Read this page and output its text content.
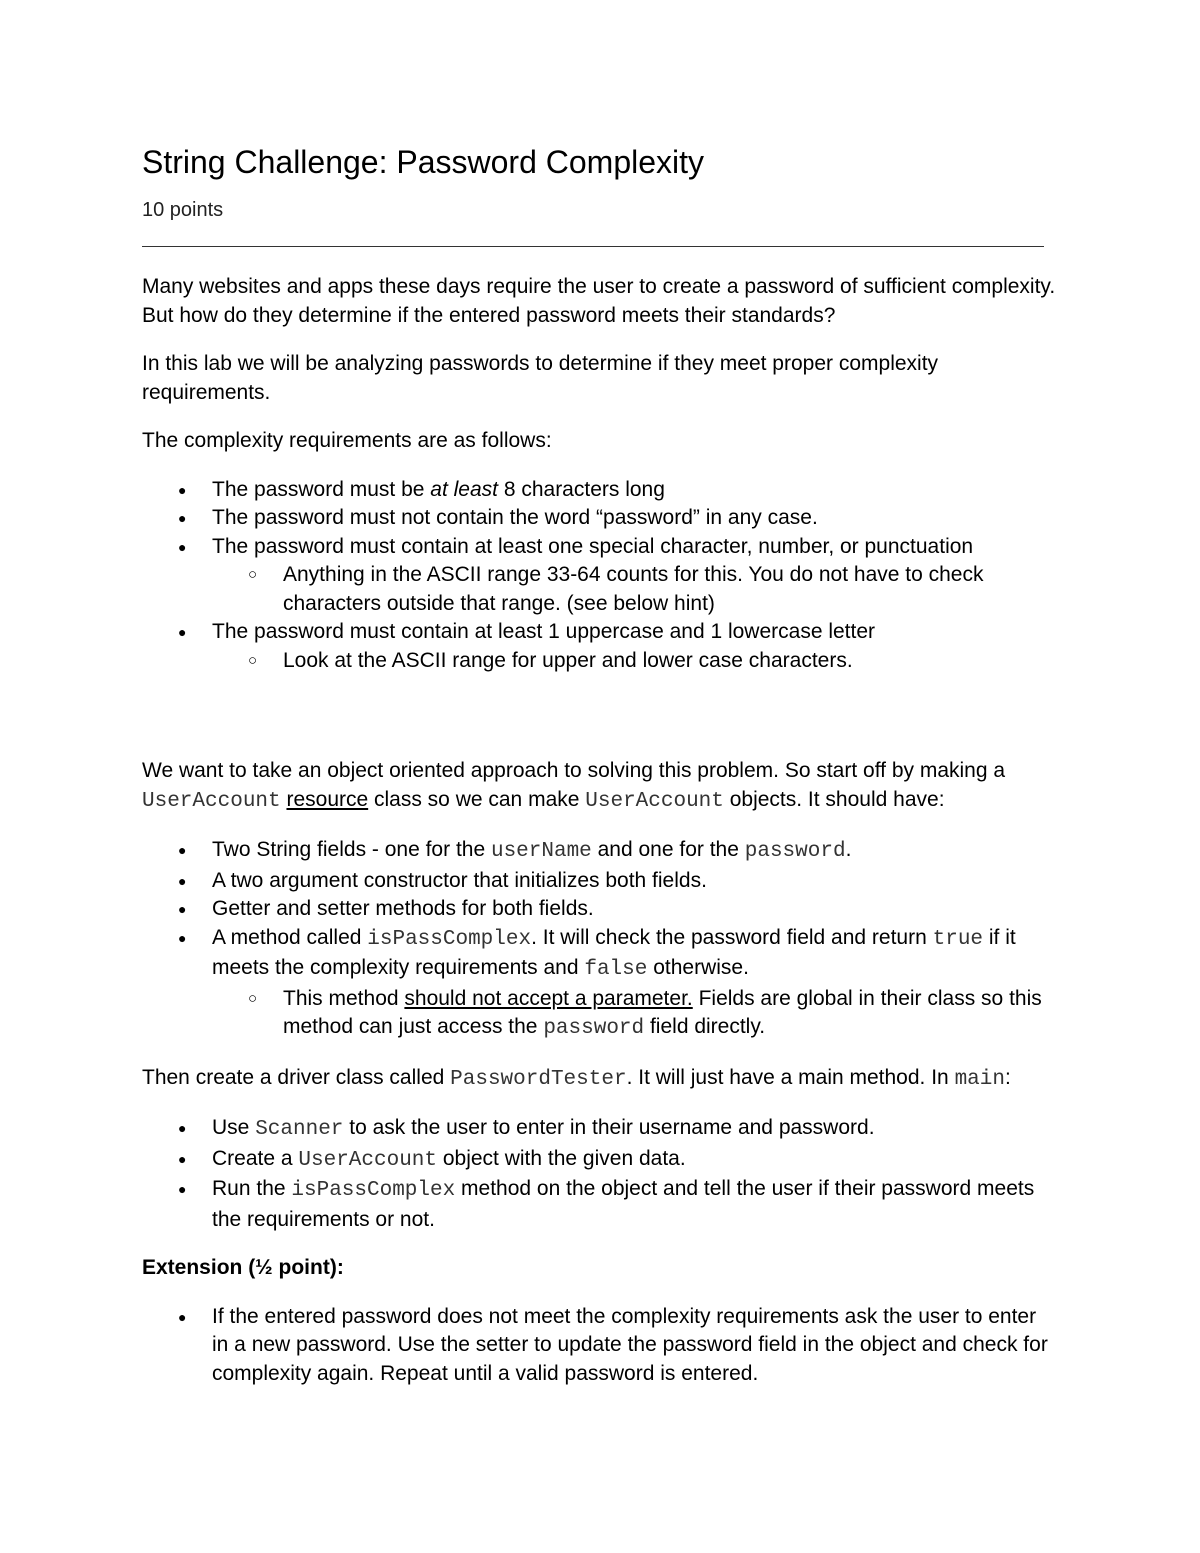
String Challenge: Password Complexity
10 points

Many websites and apps these days require the user to create a password of sufficient complexity. But how do they determine if the entered password meets their standards?

In this lab we will be analyzing passwords to determine if they meet proper complexity requirements.

The complexity requirements are as follows:

● The password must be at least 8 characters long
● The password must not contain the word “password” in any case.
● The password must contain at least one special character, number, or punctuation
○ Anything in the ASCII range 33-64 counts for this. You do not have to check characters outside that range. (see below hint)
● The password must contain at least 1 uppercase and 1 lowercase letter
○ Look at the ASCII range for upper and lower case characters.

We want to take an object oriented approach to solving this problem. So start off by making a UserAccount resource class so we can make UserAccount objects. It should have:

● Two String fields - one for the userName and one for the password.
● A two argument constructor that initializes both fields.
● Getter and setter methods for both fields.
● A method called isPassComplex. It will check the password field and return true if it meets the complexity requirements and false otherwise.
○ This method should not accept a parameter. Fields are global in their class so this method can just access the password field directly.

Then create a driver class called PasswordTester. It will just have a main method. In main:

● Use Scanner to ask the user to enter in their username and password.
● Create a UserAccount object with the given data.
● Run the isPassComplex method on the object and tell the user if their password meets the requirements or not.

Extension (½ point):

● If the entered password does not meet the complexity requirements ask the user to enter in a new password. Use the setter to update the password field in the object and check for complexity again. Repeat until a valid password is entered.
